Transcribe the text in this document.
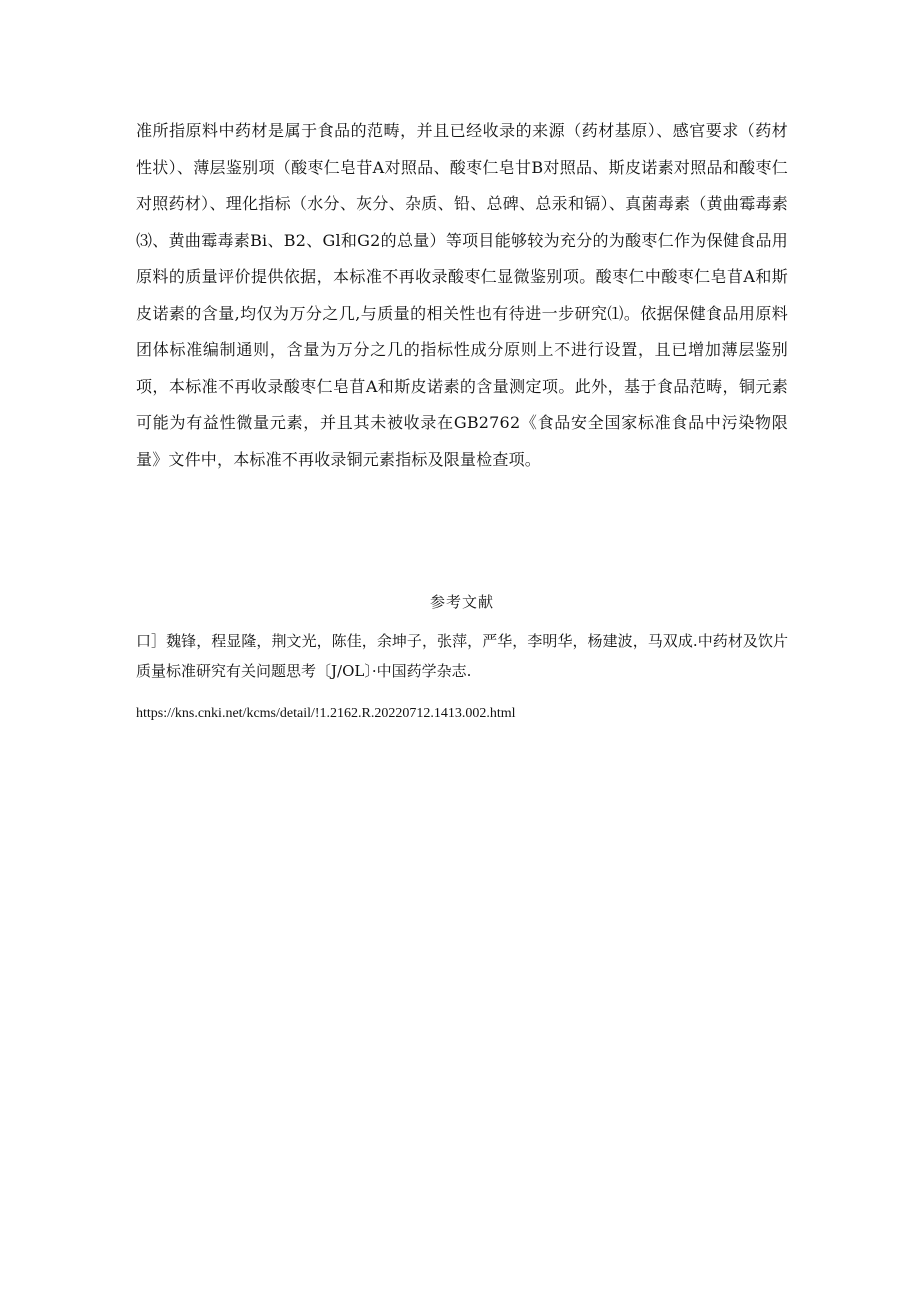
准所指原料中药材是属于食品的范畴，并且已经收录的来源（药材基原）、感官要求（药材性状）、薄层鉴别项（酸枣仁皂苷A对照品、酸枣仁皂甘B对照品、斯皮诺素对照品和酸枣仁对照药材）、理化指标（水分、灰分、杂质、铅、总碑、总汞和镉）、真菌毒素（黄曲霉毒素⑶、黄曲霉毒素Bi、B2、Gl和G2的总量）等项目能够较为充分的为酸枣仁作为保健食品用原料的质量评价提供依据，本标准不再收录酸枣仁显微鉴别项。酸枣仁中酸枣仁皂苜A和斯皮诺素的含量,均仅为万分之几,与质量的相关性也有待进一步研究⑴。依据保健食品用原料团体标准编制通则，含量为万分之几的指标性成分原则上不进行设置，且已增加薄层鉴别项，本标准不再收录酸枣仁皂苜A和斯皮诺素的含量测定项。此外，基于食品范畴，铜元素可能为有益性微量元素，并且其未被收录在GB2762《食品安全国家标准食品中污染物限量》文件中，本标准不再收录铜元素指标及限量检查项。

参考文献
口］魏锋，程显隆，荆文光，陈佳，余坤子，张萍，严华，李明华，杨建波，马双成.中药材及饮片质量标准研究有关问题思考〔J∕OL〕·中国药学杂志.

https://kns.cnki.net/kcms/detail/!1.2162.R.20220712.1413.002.html
